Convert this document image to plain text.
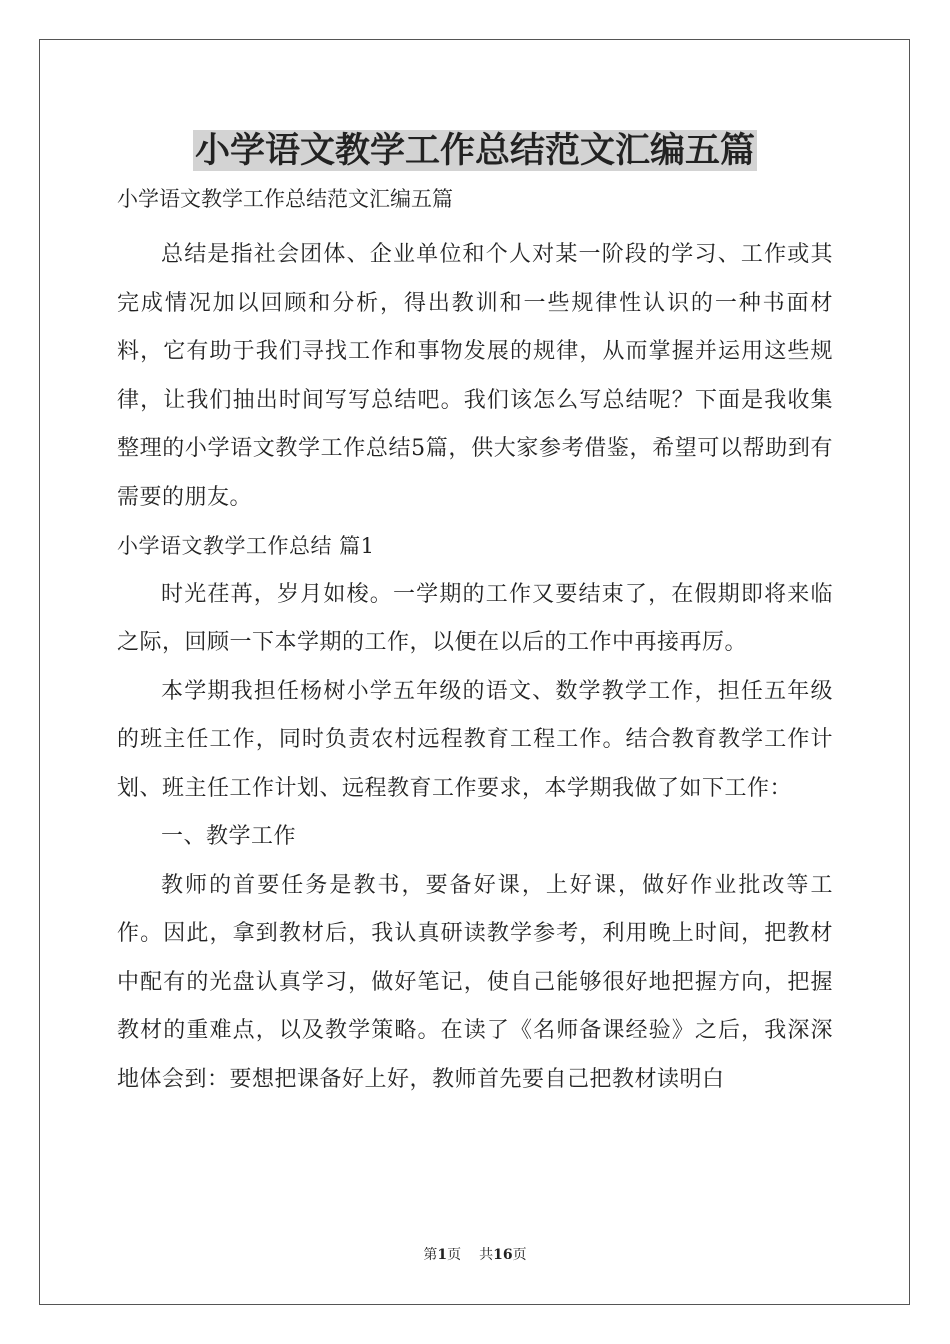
小学语文教学工作总结范文汇编五篇

小学语文教学工作总结范文汇编五篇

总结是指社会团体、企业单位和个人对某一阶段的学习、工作或其完成情况加以回顾和分析，得出教训和一些规律性认识的一种书面材料，它有助于我们寻找工作和事物发展的规律，从而掌握并运用这些规律，让我们抽出时间写写总结吧。我们该怎么写总结呢？下面是我收集整理的小学语文教学工作总结5篇，供大家参考借鉴，希望可以帮助到有需要的朋友。

小学语文教学工作总结 篇1

时光荏苒，岁月如梭。一学期的工作又要结束了，在假期即将来临之际，回顾一下本学期的工作，以便在以后的工作中再接再厉。

本学期我担任杨树小学五年级的语文、数学教学工作，担任五年级的班主任工作，同时负责农村远程教育工程工作。结合教育教学工作计划、班主任工作计划、远程教育工作要求，本学期我做了如下工作：

一、教学工作

教师的首要任务是教书，要备好课，上好课，做好作业批改等工作。因此，拿到教材后，我认真研读教学参考，利用晚上时间，把教材中配有的光盘认真学习，做好笔记，使自己能够很好地把握方向，把握教材的重难点，以及教学策略。在读了《名师备课经验》之后，我深深地体会到：要想把课备好上好，教师首先要自己把教材读明白

第1页 共16页
